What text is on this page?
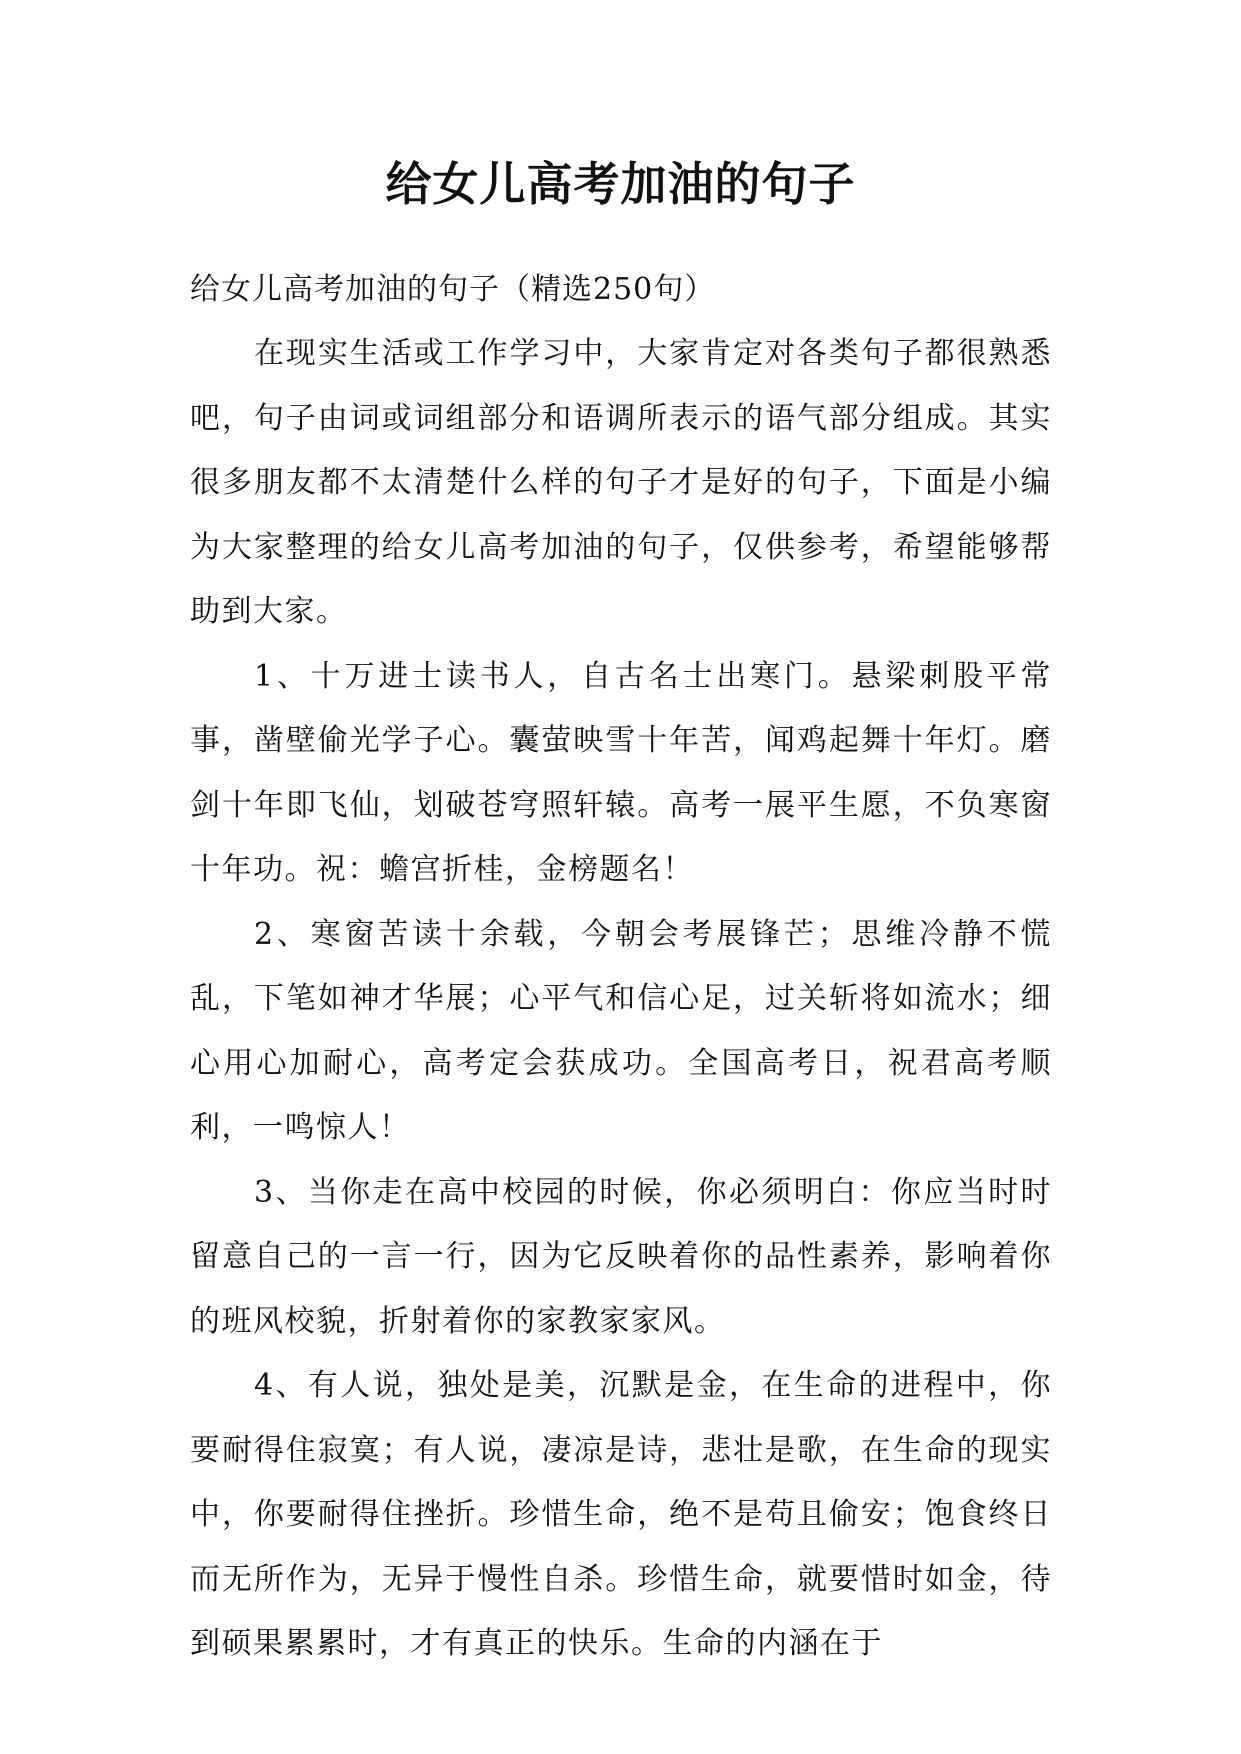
给女儿高考加油的句子

给女儿高考加油的句子（精选250句）

在现实生活或工作学习中，大家肯定对各类句子都很熟悉吧，句子由词或词组部分和语调所表示的语气部分组成。其实很多朋友都不太清楚什么样的句子才是好的句子，下面是小编为大家整理的给女儿高考加油的句子，仅供参考，希望能够帮助到大家。

1、十万进士读书人，自古名士出寒门。悬梁刺股平常事，凿壁偷光学子心。囊萤映雪十年苦，闻鸡起舞十年灯。磨剑十年即飞仙，划破苍穹照轩辕。高考一展平生愿，不负寒窗十年功。祝：蟾宫折桂，金榜题名！

2、寒窗苦读十余载，今朝会考展锋芒；思维冷静不慌乱，下笔如神才华展；心平气和信心足，过关斩将如流水；细心用心加耐心，高考定会获成功。全国高考日，祝君高考顺利，一鸣惊人！

3、当你走在高中校园的时候，你必须明白：你应当时时留意自己的一言一行，因为它反映着你的品性素养，影响着你的班风校貌，折射着你的家教家家风。

4、有人说，独处是美，沉默是金，在生命的进程中，你要耐得住寂寞；有人说，凄凉是诗，悲壮是歌，在生命的现实中，你要耐得住挫折。珍惜生命，绝不是苟且偷安；饱食终日而无所作为，无异于慢性自杀。珍惜生命，就要惜时如金，待到硕果累累时，才有真正的快乐。生命的内涵在于
